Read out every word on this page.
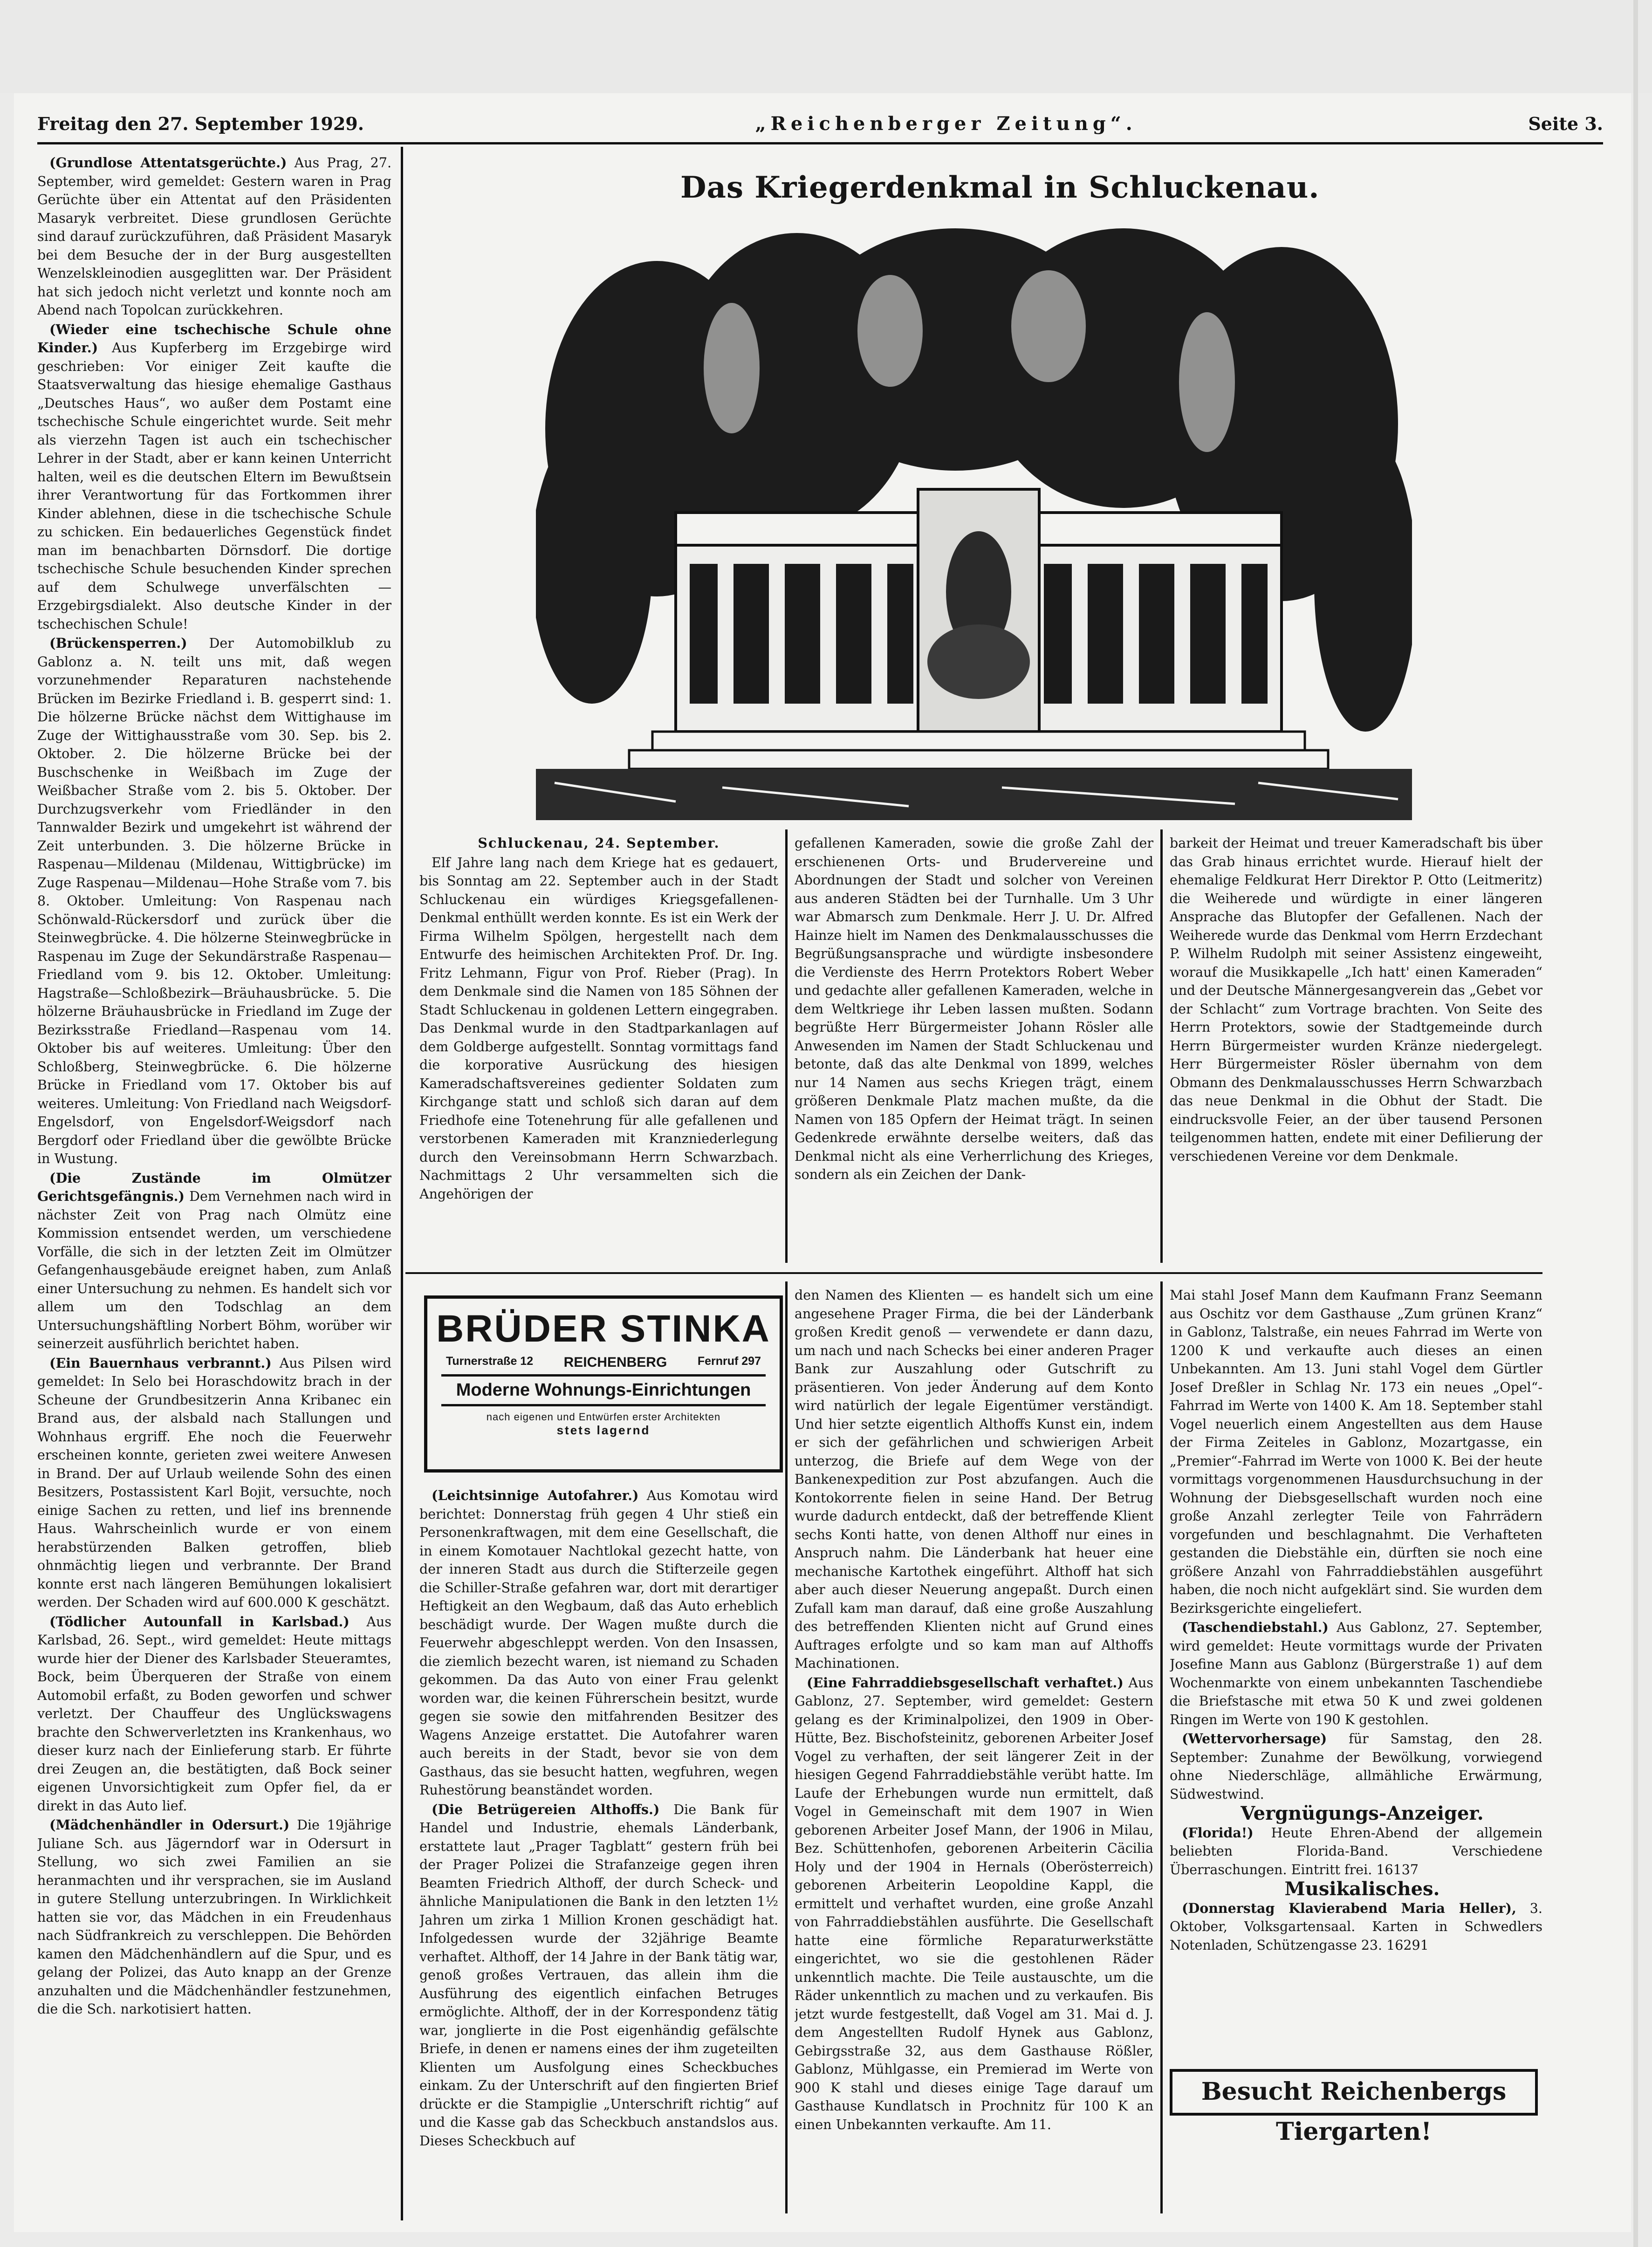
Freitag den 27. September 1929.	„Reichenberger Zeitung“.	Seite 3.

(Grundlose Attentatsgerüchte.) Aus Prag, 27. September, wird gemeldet: Gestern waren in Prag Gerüchte über ein Attentat auf den Präsidenten Masaryk verbreitet. Diese grundlosen Gerüchte sind darauf zurückzuführen, daß Präsident Masaryk bei dem Besuche der in der Burg ausgestellten Wenzelskleinodien ausgeglitten war. Der Präsident hat sich jedoch nicht verletzt und konnte noch am Abend nach Topolcan zurückkehren.

(Wieder eine tschechische Schule ohne Kinder.) Aus Kupferberg im Erzgebirge wird geschrieben: Vor einiger Zeit kaufte die Staatsverwaltung das hiesige ehemalige Gasthaus „Deutsches Haus“, wo außer dem Postamt eine tschechische Schule eingerichtet wurde. Seit mehr als vierzehn Tagen ist auch ein tschechischer Lehrer in der Stadt, aber er kann keinen Unterricht halten, weil es die deutschen Eltern im Bewußtsein ihrer Verantwortung für das Fortkommen ihrer Kinder ablehnen, diese in die tschechische Schule zu schicken. Ein bedauerliches Gegenstück findet man im benachbarten Dörnsdorf. Die dortige tschechische Schule besuchenden Kinder sprechen auf dem Schulwege unverfälschten — Erzgebirgsdialekt. Also deutsche Kinder in der tschechischen Schule!

(Brückensperren.) Der Automobilklub zu Gablonz a. N. teilt uns mit, daß wegen vorzunehmender Reparaturen nachstehende Brücken im Bezirke Friedland i. B. gesperrt sind: 1. Die hölzerne Brücke nächst dem Wittighause im Zuge der Wittighausstraße vom 30. Sep. bis 2. Oktober. 2. Die hölzerne Brücke bei der Buschschenke in Weißbach im Zuge der Weißbacher Straße vom 2. bis 5. Oktober. Der Durchzugsverkehr vom Friedländer in den Tannwalder Bezirk und umgekehrt ist während der Zeit unterbunden. 3. Die hölzerne Brücke in Raspenau—Mildenau (Mildenau, Wittigbrücke) im Zuge Raspenau—Mildenau—Hohe Straße vom 7. bis 8. Oktober. Umleitung: Von Raspenau nach Schönwald-Rückersdorf und zurück über die Steinwegbrücke. 4. Die hölzerne Steinwegbrücke in Raspenau im Zuge der Sekundärstraße Raspenau—Friedland vom 9. bis 12. Oktober. Umleitung: Hagstraße—Schloßbezirk—Bräuhausbrücke. 5. Die hölzerne Bräuhausbrücke in Friedland im Zuge der Bezirksstraße Friedland—Raspenau vom 14. Oktober bis auf weiteres. Umleitung: Über den Schloßberg, Steinwegbrücke. 6. Die hölzerne Brücke in Friedland vom 17. Oktober bis auf weiteres. Umleitung: Von Friedland nach Weigsdorf-Engelsdorf, von Engelsdorf-Weigsdorf nach Bergdorf oder Friedland über die gewölbte Brücke in Wustung.

(Die Zustände im Olmützer Gerichtsgefängnis.) Dem Vernehmen nach wird in nächster Zeit von Prag nach Olmütz eine Kommission entsendet werden, um verschiedene Vorfälle, die sich in der letzten Zeit im Olmützer Gefangenhausgebäude ereignet haben, zum Anlaß einer Untersuchung zu nehmen. Es handelt sich vor allem um den Todschlag an dem Untersuchungshäftling Norbert Böhm, worüber wir seinerzeit ausführlich berichtet haben.

(Ein Bauernhaus verbrannt.) Aus Pilsen wird gemeldet: In Selo bei Horaschdowitz brach in der Scheune der Grundbesitzerin Anna Kribanec ein Brand aus, der alsbald nach Stallungen und Wohnhaus ergriff. Ehe noch die Feuerwehr erscheinen konnte, gerieten zwei weitere Anwesen in Brand. Der auf Urlaub weilende Sohn des einen Besitzers, Postassistent Karl Bojit, versuchte, noch einige Sachen zu retten, und lief ins brennende Haus. Wahrscheinlich wurde er von einem herabstürzenden Balken getroffen, blieb ohnmächtig liegen und verbrannte. Der Brand konnte erst nach längeren Bemühungen lokalisiert werden. Der Schaden wird auf 600.000 K geschätzt.

(Tödlicher Autounfall in Karlsbad.) Aus Karlsbad, 26. Sept., wird gemeldet: Heute mittags wurde hier der Diener des Karlsbader Steueramtes, Bock, beim Überqueren der Straße von einem Automobil erfaßt, zu Boden geworfen und schwer verletzt. Der Chauffeur des Unglückswagens brachte den Schwerverletzten ins Krankenhaus, wo dieser kurz nach der Einlieferung starb. Er führte drei Zeugen an, die bestätigten, daß Bock seiner eigenen Unvorsichtigkeit zum Opfer fiel, da er direkt in das Auto lief.

(Mädchenhändler in Odersurt.) Die 19jährige Juliane Sch. aus Jägerndorf war in Odersurt in Stellung, wo sich zwei Familien an sie heranmachten und ihr versprachen, sie im Ausland in gutere Stellung unterzubringen. In Wirklichkeit hatten sie vor, das Mädchen in ein Freudenhaus nach Südfrankreich zu verschleppen. Die Behörden kamen den Mädchenhändlern auf die Spur, und es gelang der Polizei, das Auto knapp an der Grenze anzuhalten und die Mädchenhändler festzunehmen, die die Sch. narkotisiert hatten.

Das Kriegerdenkmal in Schluckenau.

Schluckenau, 24. September.

Elf Jahre lang nach dem Kriege hat es gedauert, bis Sonntag am 22. September auch in der Stadt Schluckenau ein würdiges Kriegsgefallenen-Denkmal enthüllt werden konnte. Es ist ein Werk der Firma Wilhelm Spölgen, hergestellt nach dem Entwurfe des heimischen Architekten Prof. Dr. Ing. Fritz Lehmann, Figur von Prof. Rieber (Prag). In dem Denkmale sind die Namen von 185 Söhnen der Stadt Schluckenau in goldenen Lettern eingegraben. Das Denkmal wurde in den Stadtparkanlagen auf dem Goldberge aufgestellt. Sonntag vormittags fand die korporative Ausrückung des hiesigen Kameradschaftsvereines gedienter Soldaten zum Kirchgange statt und schloß sich daran auf dem Friedhofe eine Totenehrung für alle gefallenen und verstorbenen Kameraden mit Kranzniederlegung durch den Vereinsobmann Herrn Schwarzbach. Nachmittags 2 Uhr versammelten sich die Angehörigen der

gefallenen Kameraden, sowie die große Zahl der erschienenen Orts- und Brudervereine und Abordnungen der Stadt und solcher von Vereinen aus anderen Städten bei der Turnhalle. Um 3 Uhr war Abmarsch zum Denkmale. Herr J. U. Dr. Alfred Hainze hielt im Namen des Denkmalausschusses die Begrüßungsansprache und würdigte insbesondere die Verdienste des Herrn Protektors Robert Weber und gedachte aller gefallenen Kameraden, welche in dem Weltkriege ihr Leben lassen mußten. Sodann begrüßte Herr Bürgermeister Johann Rösler alle Anwesenden im Namen der Stadt Schluckenau und betonte, daß das alte Denkmal von 1899, welches nur 14 Namen aus sechs Kriegen trägt, einem größeren Denkmale Platz machen mußte, da die Namen von 185 Opfern der Heimat trägt. In seinen Gedenkrede erwähnte derselbe weiters, daß das Denkmal nicht als eine Verherrlichung des Krieges, sondern als ein Zeichen der Dank-

barkeit der Heimat und treuer Kameradschaft bis über das Grab hinaus errichtet wurde. Hierauf hielt der ehemalige Feldkurat Herr Direktor P. Otto (Leitmeritz) die Weiherede und würdigte in einer längeren Ansprache das Blutopfer der Gefallenen. Nach der Weiherede wurde das Denkmal vom Herrn Erzdechant P. Wilhelm Rudolph mit seiner Assistenz eingeweiht, worauf die Musikkapelle „Ich hatt' einen Kameraden“ und der Deutsche Männergesangverein das „Gebet vor der Schlacht“ zum Vortrage brachten. Von Seite des Herrn Protektors, sowie der Stadtgemeinde durch Herrn Bürgermeister wurden Kränze niedergelegt. Herr Bürgermeister Rösler übernahm von dem Obmann des Denkmalausschusses Herrn Schwarzbach das neue Denkmal in die Obhut der Stadt. Die eindrucksvolle Feier, an der über tausend Personen teilgenommen hatten, endete mit einer Defilierung der verschiedenen Vereine vor dem Denkmale.

BRÜDER STINKA
Turnerstraße 12 REICHENBERG	Fernruf 297
Moderne Wohnungs-Einrichtungen
nach eigenen und Entwürfen erster Architekten
stets lagernd

(Leichtsinnige Autofahrer.) Aus Komotau wird berichtet: Donnerstag früh gegen 4 Uhr stieß ein Personenkraftwagen, mit dem eine Gesellschaft, die in einem Komotauer Nachtlokal gezecht hatte, von der inneren Stadt aus durch die Stifterzeile gegen die Schiller-Straße gefahren war, dort mit derartiger Heftigkeit an den Wegbaum, daß das Auto erheblich beschädigt wurde. Der Wagen mußte durch die Feuerwehr abgeschleppt werden. Von den Insassen, die ziemlich bezecht waren, ist niemand zu Schaden gekommen. Da das Auto von einer Frau gelenkt worden war, die keinen Führerschein besitzt, wurde gegen sie sowie den mitfahrenden Besitzer des Wagens Anzeige erstattet. Die Autofahrer waren auch bereits in der Stadt, bevor sie von dem Gasthaus, das sie besucht hatten, wegfuhren, wegen Ruhestörung beanständet worden.

(Die Betrügereien Althoffs.) Die Bank für Handel und Industrie, ehemals Länderbank, erstattete laut „Prager Tagblatt“ gestern früh bei der Prager Polizei die Strafanzeige gegen ihren Beamten Friedrich Althoff, der durch Scheck- und ähnliche Manipulationen die Bank in den letzten 1½ Jahren um zirka 1 Million Kronen geschädigt hat. Infolgedessen wurde der 32jährige Beamte verhaftet. Althoff, der 14 Jahre in der Bank tätig war, genoß großes Vertrauen, das allein ihm die Ausführung des eigentlich einfachen Betruges ermöglichte. Althoff, der in der Korrespondenz tätig war, jonglierte in die Post eigenhändig gefälschte Briefe, in denen er namens eines der ihm zugeteilten Klienten um Ausfolgung eines Scheckbuches einkam. Zu der Unterschrift auf den fingierten Brief drückte er die Stampiglie „Unterschrift richtig“ auf und die Kasse gab das Scheckbuch anstandslos aus. Dieses Scheckbuch auf

den Namen des Klienten — es handelt sich um eine angesehene Prager Firma, die bei der Länderbank großen Kredit genoß — verwendete er dann dazu, um nach und nach Schecks bei einer anderen Prager Bank zur Auszahlung oder Gutschrift zu präsentieren. Von jeder Änderung auf dem Konto wird natürlich der legale Eigentümer verständigt. Und hier setzte eigentlich Althoffs Kunst ein, indem er sich der gefährlichen und schwierigen Arbeit unterzog, die Briefe auf dem Wege von der Bankenexpedition zur Post abzufangen. Auch die Kontokorrente fielen in seine Hand. Der Betrug wurde dadurch entdeckt, daß der betreffende Klient sechs Konti hatte, von denen Althoff nur eines in Anspruch nahm. Die Länderbank hat heuer eine mechanische Kartothek eingeführt. Althoff hat sich aber auch dieser Neuerung angepaßt. Durch einen Zufall kam man darauf, daß eine große Auszahlung des betreffenden Klienten nicht auf Grund eines Auftrages erfolgte und so kam man auf Althoffs Machinationen.

(Eine Fahrraddiebsgesellschaft verhaftet.) Aus Gablonz, 27. September, wird gemeldet: Gestern gelang es der Kriminalpolizei, den 1909 in Ober-Hütte, Bez. Bischofsteinitz, geborenen Arbeiter Josef Vogel zu verhaften, der seit längerer Zeit in der hiesigen Gegend Fahrraddiebstähle verübt hatte. Im Laufe der Erhebungen wurde nun ermittelt, daß Vogel in Gemeinschaft mit dem 1907 in Wien geborenen Arbeiter Josef Mann, der 1906 in Milau, Bez. Schüttenhofen, geborenen Arbeiterin Cäcilia Holy und der 1904 in Hernals (Oberösterreich) geborenen Arbeiterin Leopoldine Kappl, die ermittelt und verhaftet wurden, eine große Anzahl von Fahrraddiebstählen ausführte. Die Gesellschaft hatte eine förmliche Reparaturwerkstätte eingerichtet, wo sie die gestohlenen Räder unkenntlich machte. Die Teile austauschte, um die Räder unkenntlich zu machen und zu verkaufen. Bis jetzt wurde festgestellt, daß Vogel am 31. Mai d. J. dem Angestellten Rudolf Hynek aus Gablonz, Gebirgsstraße 32, aus dem Gasthause Rößler, Gablonz, Mühlgasse, ein Premierad im Werte von 900 K stahl und dieses einige Tage darauf um Gasthause Kundlatsch in Prochnitz für 100 K an einen Unbekannten verkaufte. Am 11.

Mai stahl Josef Mann dem Kaufmann Franz Seemann aus Oschitz vor dem Gasthause „Zum grünen Kranz“ in Gablonz, Talstraße, ein neues Fahrrad im Werte von 1200 K und verkaufte auch dieses an einen Unbekannten. Am 13. Juni stahl Vogel dem Gürtler Josef Dreßler in Schlag Nr. 173 ein neues „Opel“-Fahrrad im Werte von 1400 K. Am 18. September stahl Vogel neuerlich einem Angestellten aus dem Hause der Firma Zeiteles in Gablonz, Mozartgasse, ein „Premier“-Fahrrad im Werte von 1000 K. Bei der heute vormittags vorgenommenen Hausdurchsuchung in der Wohnung der Diebsgesellschaft wurden noch eine große Anzahl zerlegter Teile von Fahrrädern vorgefunden und beschlagnahmt. Die Verhafteten gestanden die Diebstähle ein, dürften sie noch eine größere Anzahl von Fahrraddiebstählen ausgeführt haben, die noch nicht aufgeklärt sind. Sie wurden dem Bezirksgerichte eingeliefert.

(Taschendiebstahl.) Aus Gablonz, 27. September, wird gemeldet: Heute vormittags wurde der Privaten Josefine Mann aus Gablonz (Bürgerstraße 1) auf dem Wochenmarkte von einem unbekannten Taschendiebe die Briefstasche mit etwa 50 K und zwei goldenen Ringen im Werte von 190 K gestohlen.

(Wettervorhersage) für Samstag, den 28. September: Zunahme der Bewölkung, vorwiegend ohne Niederschläge, allmähliche Erwärmung, Südwestwind.

Vergnügungs-Anzeiger.

(Florida!) Heute Ehren-Abend der allgemein beliebten Florida-Band. Verschiedene Überraschungen. Eintritt frei. 16137

Musikalisches.

(Donnerstag Klavierabend Maria Heller), 3. Oktober, Volksgartensaal. Karten in Schwedlers Notenladen, Schützengasse 23. 16291

Besucht Reichenbergs Tiergarten!
